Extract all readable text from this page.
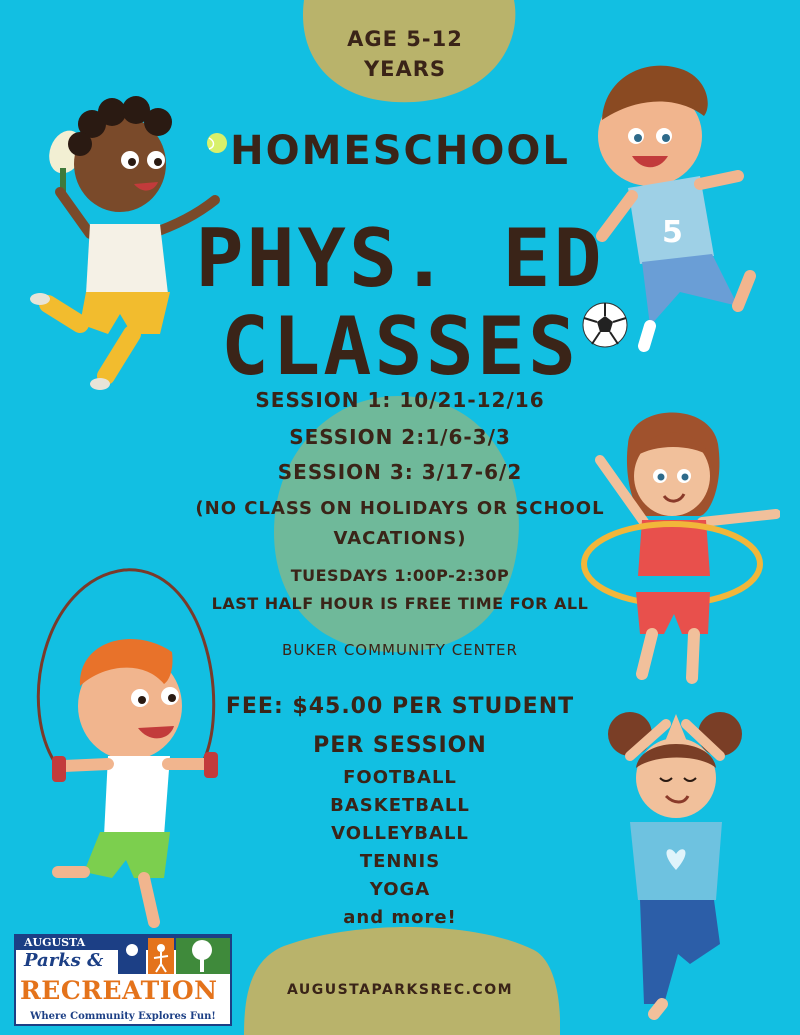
5
AGE 5-12
YEARS
HOMESCHOOL
PHYS. ED
CLASSES
SESSION 1: 10/21-12/16
SESSION 2:1/6-3/3
SESSION 3: 3/17-6/2
(NO CLASS ON HOLIDAYS OR SCHOOL VACATIONS)
TUESDAYS 1:00P-2:30P
LAST HALF HOUR IS FREE TIME FOR ALL
BUKER COMMUNITY CENTER
FEE: $45.00 PER STUDENT
PER SESSION
FOOTBALL
BASKETBALL
VOLLEYBALL
TENNIS
YOGA
and more!
AUGUSTAPARKSREC.COM
AUGUSTA
Parks &
RECREATION
Where Community Explores Fun!
